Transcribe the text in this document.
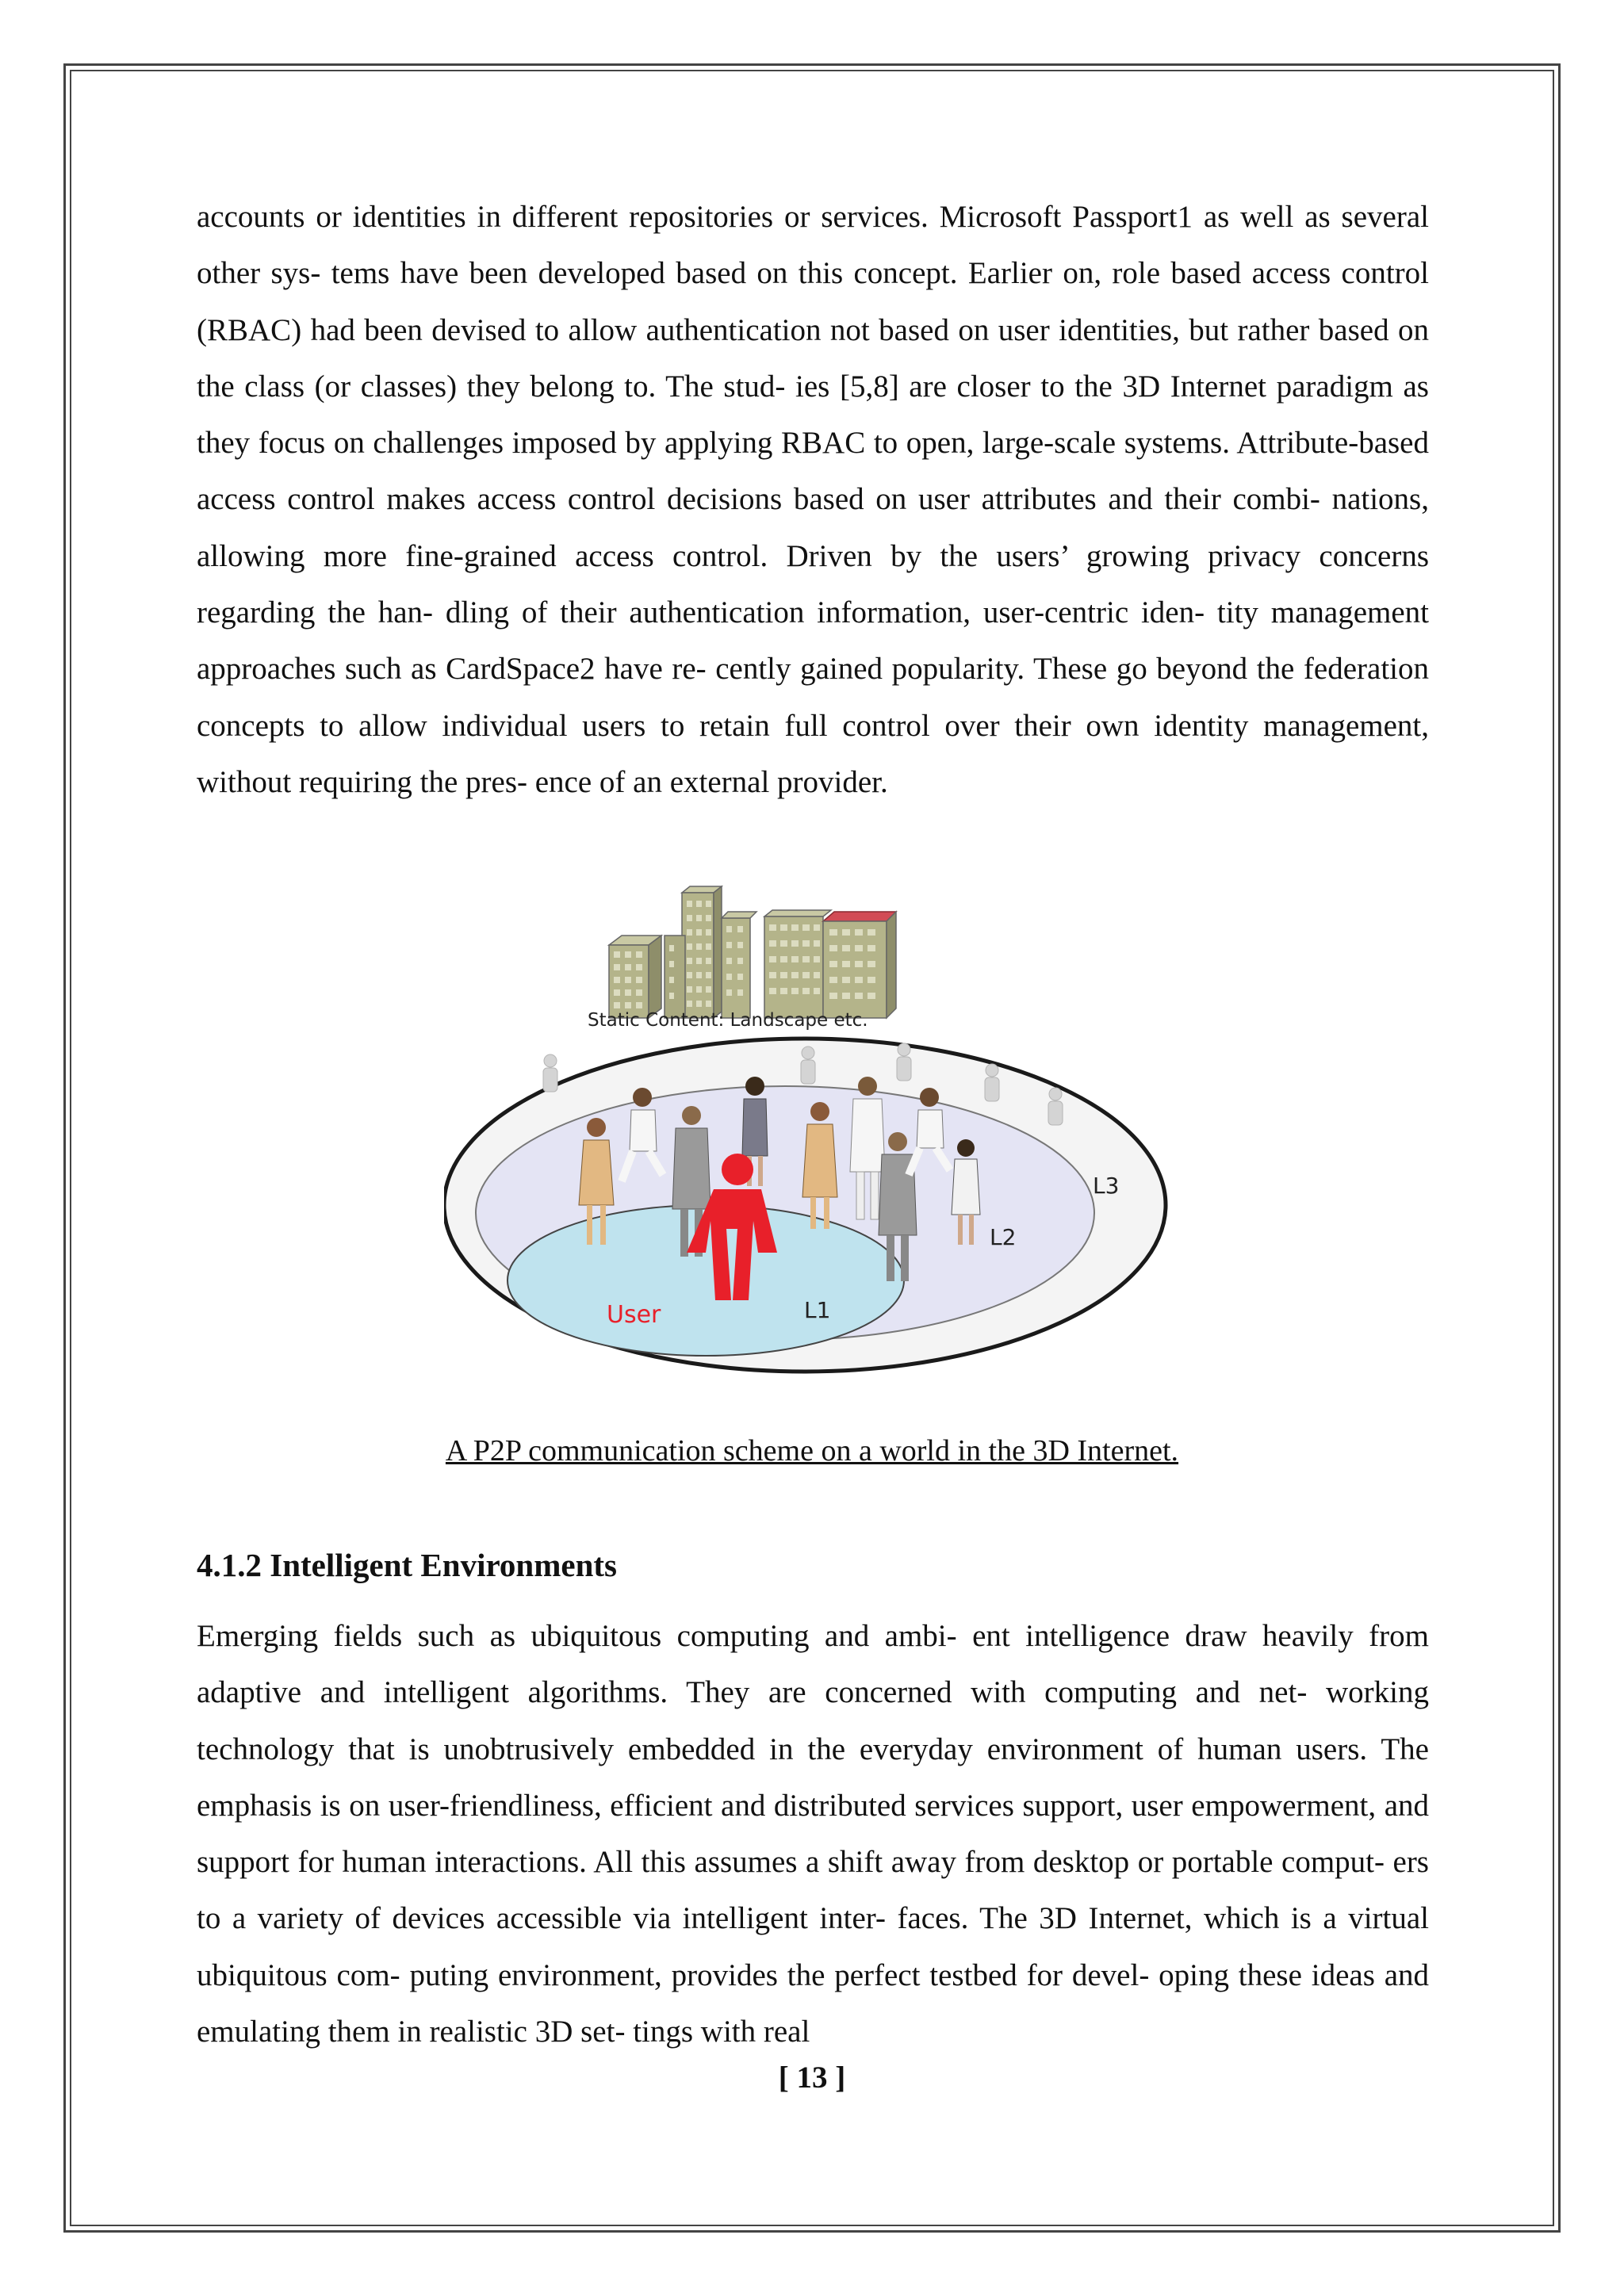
accounts or identities in different repositories or services. Microsoft Passport1 as well as several other sys- tems have been developed based on this concept. Earlier on, role based access control (RBAC) had been devised to allow authentication not based on user identities, but rather based on the class (or classes) they belong to. The stud- ies [5,8] are closer to the 3D Internet paradigm as they focus on challenges imposed by applying RBAC to open, large-scale systems. Attribute-based access control makes access control decisions based on user attributes and their combi- nations, allowing more fine-grained access control. Driven by the users’ growing privacy concerns regarding the han- dling of their authentication information, user-centric iden- tity management approaches such as CardSpace2 have re- cently gained popularity. These go beyond the federation concepts to allow individual users to retain full control over their own identity management, without requiring the pres- ence of an external provider.

Static Content: Landscape etc.
User	L1
L2
L3

A P2P communication scheme on a world in the 3D Internet.

4.1.2 Intelligent Environments

Emerging fields such as ubiquitous computing and ambi- ent intelligence draw heavily from adaptive and intelligent algorithms. They are concerned with computing and net- working technology that is unobtrusively embedded in the everyday environment of human users. The emphasis is on user-friendliness, efficient and distributed services support, user empowerment, and support for human interactions. All this assumes a shift away from desktop or portable comput- ers to a variety of devices accessible via intelligent inter- faces. The 3D Internet, which is a virtual ubiquitous com- puting environment, provides the perfect testbed for devel- oping these ideas and emulating them in realistic 3D set- tings with real

[ 13 ]
